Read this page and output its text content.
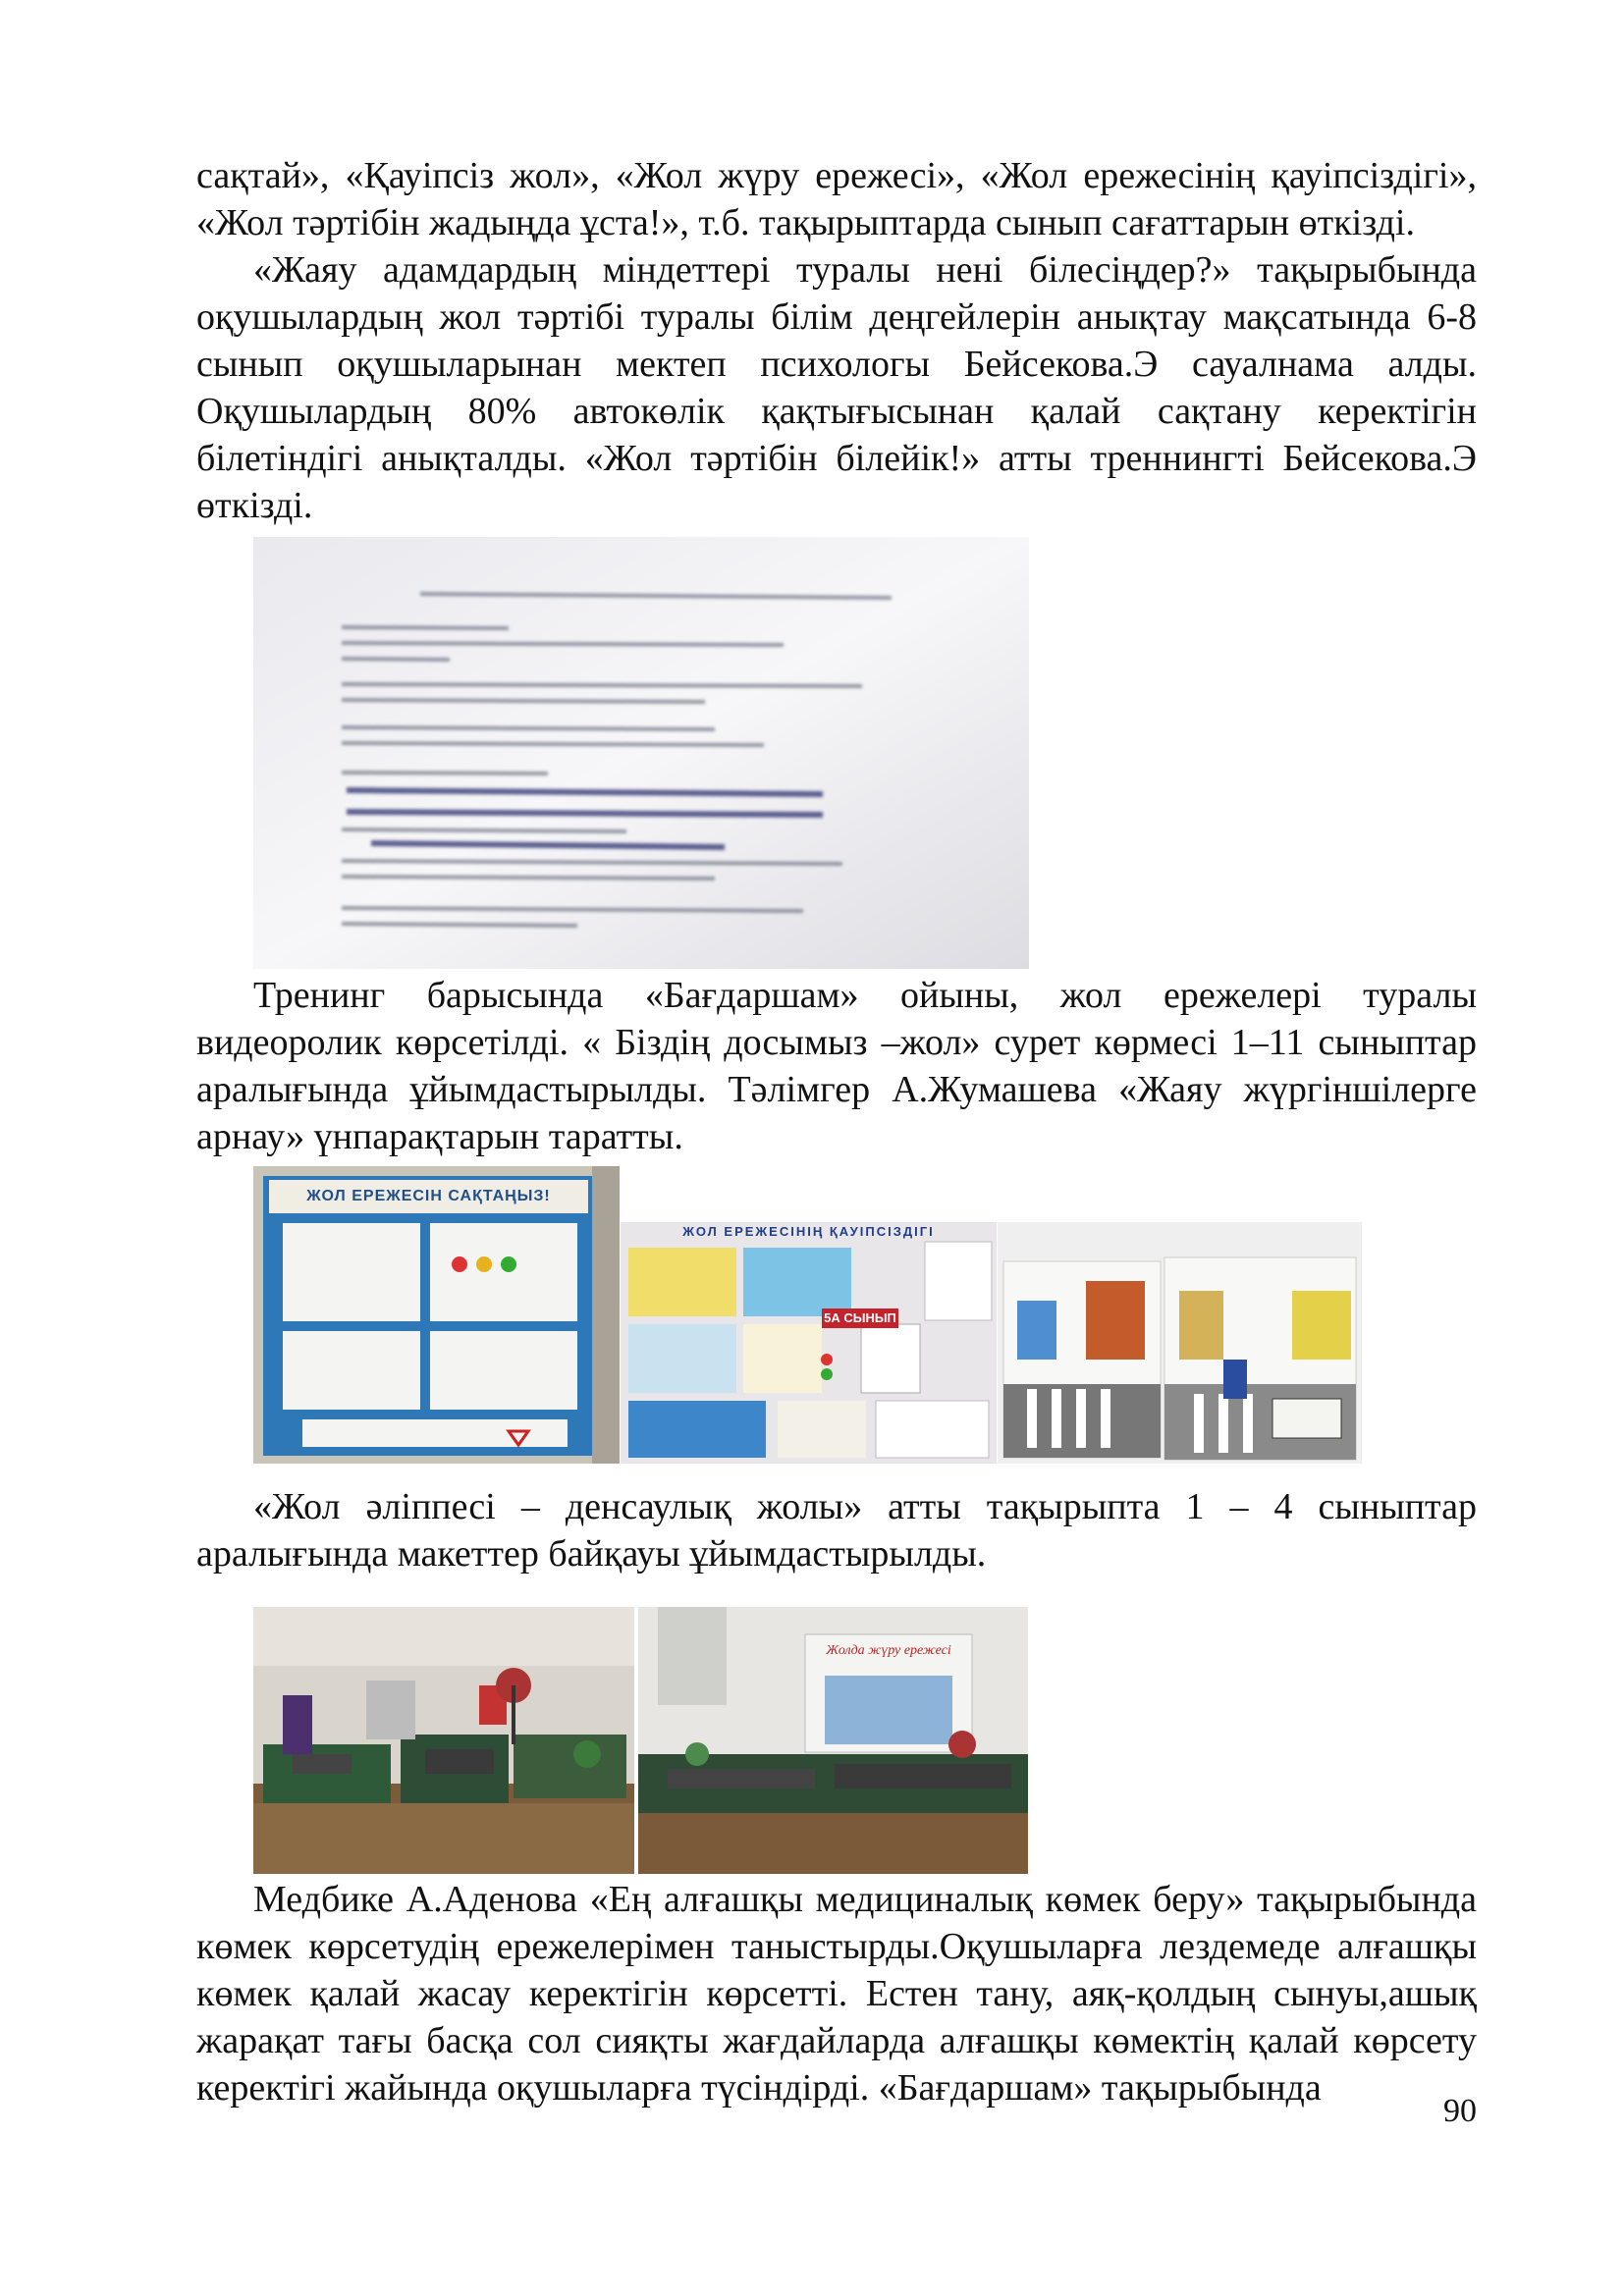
сақтай», «Қауіпсіз жол», «Жол жүру ережесі», «Жол ережесінің қауіпсіздігі», «Жол тәртібін жадыңда ұста!», т.б. тақырыптарда сынып сағаттарын өткізді.

«Жаяу адамдардың міндеттері туралы нені білесіңдер?» тақырыбында оқушылардың жол тәртібі туралы білім деңгейлерін анықтау мақсатында 6-8 сынып оқушыларынан мектеп психологы Бейсекова.Э сауалнама алды. Оқушылардың 80% автокөлік қақтығысынан қалай сақтану керектігін білетіндігі анықталды. «Жол тәртібін білейік!» атты треннингті Бейсекова.Э өткізді.

Тренинг барысында «Бағдаршам» ойыны, жол ережелері туралы видеоролик көрсетілді. « Біздің досымыз –жол» сурет көрмесі 1–11 сыныптар аралығында ұйымдастырылды. Тәлімгер А.Жумашева «Жаяу жүргіншілерге арнау» үнпарақтарын таратты.

ЖОЛ ЕРЕЖЕСІН САҚТАҢЫЗ!
ЖОЛ ЕРЕЖЕСІНІҢ ҚАУІПСІЗДІГІ
5А СЫНЫП

«Жол әліппесі – денсаулық жолы» атты тақырыпта 1 – 4 сыныптар аралығында макеттер байқауы ұйымдастырылды.

Жолда жүру ережесі

Медбике А.Аденова «Ең алғашқы медициналық көмек беру» тақырыбында көмек көрсетудің ережелерімен таныстырды.Оқушыларға лездемеде алғашқы көмек қалай жасау керектігін көрсетті. Естен тану, аяқ-қолдың сынуы,ашық жарақат тағы басқа сол сияқты жағдайларда алғашқы көмектің қалай көрсету керектігі жайында оқушыларға түсіндірді. «Бағдаршам» тақырыбында

90
